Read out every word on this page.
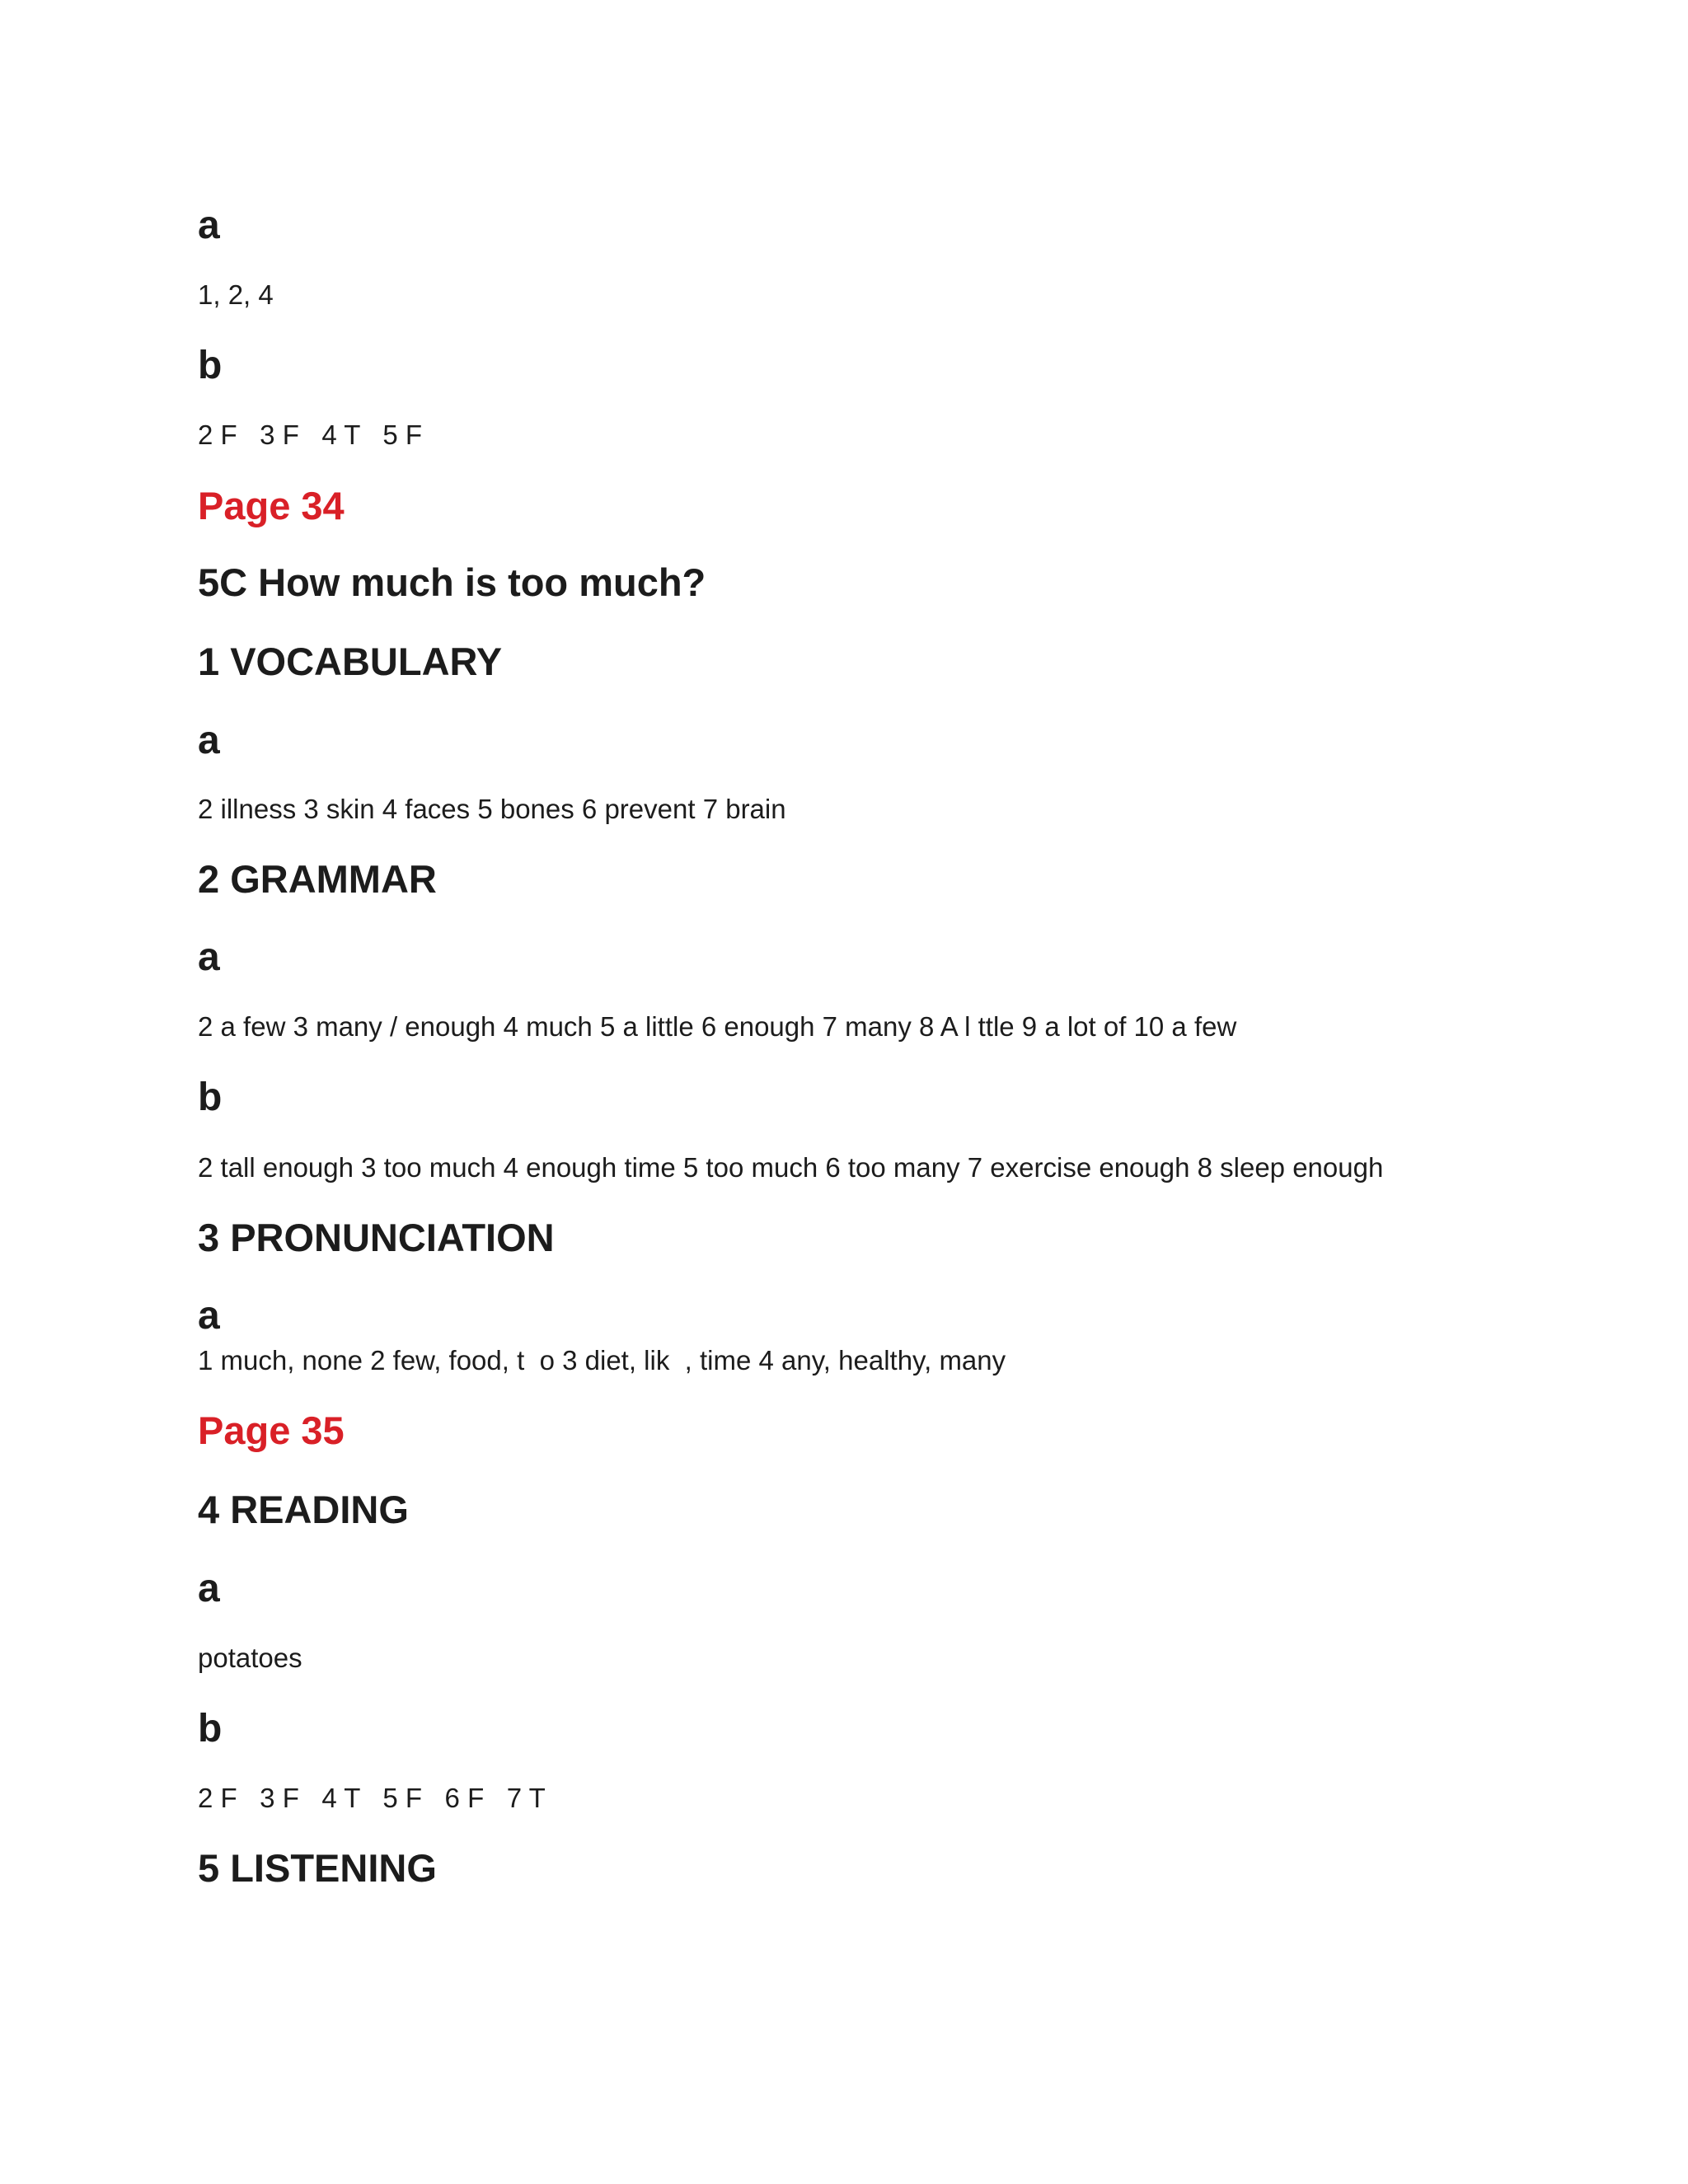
a
1, 2, 4
b
2 F   3 F   4 T   5 F
Page 34
5C How much is too much?
1 VOCABULARY
a
2 illness 3 skin 4 faces 5 bones 6 prevent 7 brain
2 GRAMMAR
a
2 a few 3 many / enough 4 much 5 a little 6 enough 7 many 8 A l ttle 9 a lot of 10 a few
b
2 tall enough 3 too much 4 enough time 5 too much 6 too many 7 exercise enough 8 sleep enough
3 PRONUNCIATION
a
1 much, none 2 few, food, t  o 3 diet, lik  , time 4 any, healthy, many
Page 35
4 READING
a
potatoes
b
2 F   3 F   4 T   5 F   6 F   7 T
5 LISTENING
